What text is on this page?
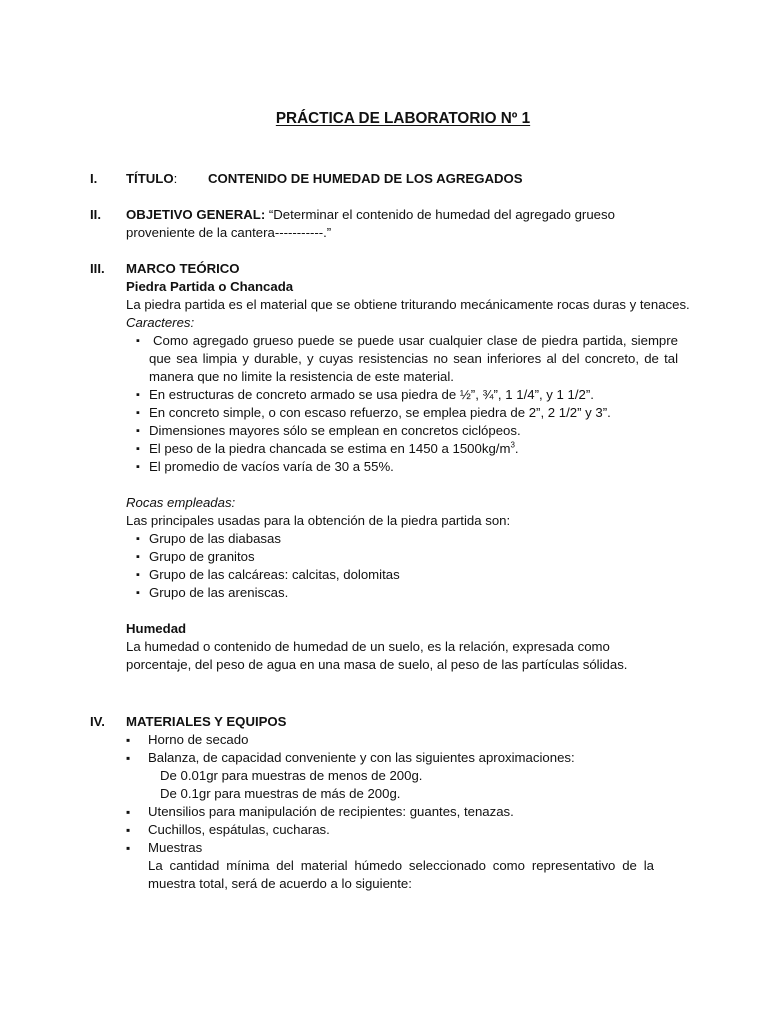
PRÁCTICA DE LABORATORIO Nº 1
I. TÍTULO: CONTENIDO DE HUMEDAD DE LOS AGREGADOS
II. OBJETIVO GENERAL: “Determinar el contenido de humedad del agregado grueso
proveniente de la cantera-----------.”
III. MARCO TEÓRICO
Piedra Partida o Chancada
La piedra partida es el material que se obtiene triturando mecánicamente rocas duras y tenaces.
Caracteres:
▪ Como agregado grueso puede se puede usar cualquier clase de piedra partida, siempre
que sea limpia y durable, y cuyas resistencias no sean inferiores al del concreto, de tal
manera que no limite la resistencia de este material.
▪ En estructuras de concreto armado se usa piedra de ½”, ¾”, 1 1/4”, y 1 1/2”.
▪ En concreto simple, o con escaso refuerzo, se emplea piedra de 2”, 2 1/2” y 3”.
▪ Dimensiones mayores sólo se emplean en concretos ciclópeos.
▪ El peso de la piedra chancada se estima en 1450 a $1500kg/m^3$.
▪ El promedio de vacíos varía de 30 a 55%.
Rocas empleadas:
Las principales usadas para la obtención de la piedra partida son:
▪ Grupo de las diabasas
▪ Grupo de granitos
▪ Grupo de las calcáreas: calcitas, dolomitas
▪ Grupo de las areniscas.
Humedad
La humedad o contenido de humedad de un suelo, es la relación, expresada como
porcentaje, del peso de agua en una masa de suelo, al peso de las partículas sólidas.
IV. MATERIALES Y EQUIPOS
▪ Horno de secado
▪ Balanza, de capacidad conveniente y con las siguientes aproximaciones:
De 0.01gr para muestras de menos de 200g.
De 0.1gr para muestras de más de 200g.
▪ Utensilios para manipulación de recipientes: guantes, tenazas.
▪ Cuchillos, espátulas, cucharas.
▪ Muestras
La cantidad mínima del material húmedo seleccionado como representativo de la
muestra total, será de acuerdo a lo siguiente:
